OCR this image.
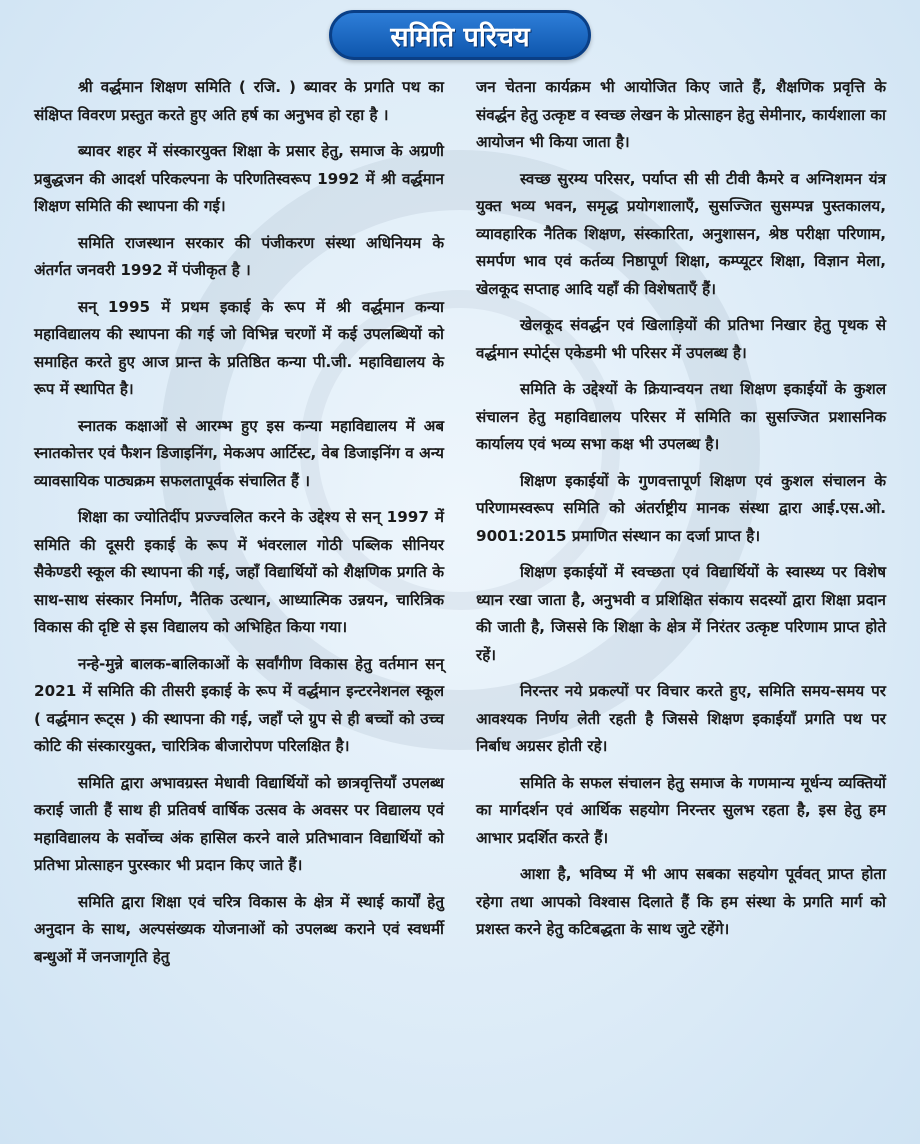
समिति परिचय

श्री वर्द्धमान शिक्षण समिति ( रजि. ) ब्यावर के प्रगति पथ का संक्षिप्त विवरण प्रस्तुत करते हुए अति हर्ष का अनुभव हो रहा है ।

ब्यावर शहर में संस्कारयुक्त शिक्षा के प्रसार हेतु, समाज के अग्रणी प्रबुद्धजन की आदर्श परिकल्पना के परिणतिस्वरूप 1992 में श्री वर्द्धमान शिक्षण समिति की स्थापना की गई।

समिति राजस्थान सरकार की पंजीकरण संस्था अधिनियम के अंतर्गत जनवरी 1992 में पंजीकृत है ।

सन् 1995 में प्रथम इकाई के रूप में श्री वर्द्धमान कन्या महाविद्यालय की स्थापना की गई जो विभिन्न चरणों में कई उपलब्धियों को समाहित करते हुए आज प्रान्त के प्रतिष्ठित कन्या पी.जी. महाविद्यालय के रूप में स्थापित है।

स्नातक कक्षाओं से आरम्भ हुए इस कन्या महाविद्यालय में अब स्नातकोत्तर एवं फैशन डिजाइनिंग, मेकअप आर्टिस्ट, वेब डिजाइनिंग व अन्य व्यावसायिक पाठ्यक्रम सफलतापूर्वक संचालित हैं ।

शिक्षा का ज्योतिर्दीप प्रज्ज्वलित करने के उद्देश्य से सन् 1997 में समिति की दूसरी इकाई के रूप में भंवरलाल गोठी पब्लिक सीनियर सैकेण्डरी स्कूल की स्थापना की गई, जहाँ विद्यार्थियों को शैक्षणिक प्रगति के साथ-साथ संस्कार निर्माण, नैतिक उत्थान, आध्यात्मिक उन्नयन, चारित्रिक विकास की दृष्टि से इस विद्यालय को अभिहित किया गया।

नन्हे-मुन्ने बालक-बालिकाओं के सर्वांगीण विकास हेतु वर्तमान सन् 2021 में समिति की तीसरी इकाई के रूप में वर्द्धमान इन्टरनेशनल स्कूल ( वर्द्धमान रूट्स ) की स्थापना की गई, जहाँ प्ले ग्रुप से ही बच्चों को उच्च कोटि की संस्कारयुक्त, चारित्रिक बीजारोपण परिलक्षित है।

समिति द्वारा अभावग्रस्त मेधावी विद्यार्थियों को छात्रवृत्तियाँ उपलब्ध कराई जाती हैं साथ ही प्रतिवर्ष वार्षिक उत्सव के अवसर पर विद्यालय एवं महाविद्यालय के सर्वोच्च अंक हासिल करने वाले प्रतिभावान विद्यार्थियों को प्रतिभा प्रोत्साहन पुरस्कार भी प्रदान किए जाते हैं।

समिति द्वारा शिक्षा एवं चरित्र विकास के क्षेत्र में स्थाई कार्यों हेतु अनुदान के साथ, अल्पसंख्यक योजनाओं को उपलब्ध कराने एवं स्वधर्मी बन्धुओं में जनजागृति हेतु

जन चेतना कार्यक्रम भी आयोजित किए जाते हैं, शैक्षणिक प्रवृत्ति के संवर्द्धन हेतु उत्कृष्ट व स्वच्छ लेखन के प्रोत्साहन हेतु सेमीनार, कार्यशाला का आयोजन भी किया जाता है।

स्वच्छ सुरम्य परिसर, पर्याप्त सी सी टीवी कैमरे व अग्निशमन यंत्र युक्त भव्य भवन, समृद्ध प्रयोगशालाएँ, सुसज्जित सुसम्पन्न पुस्तकालय, व्यावहारिक नैतिक शिक्षण, संस्कारिता, अनुशासन, श्रेष्ठ परीक्षा परिणाम, समर्पण भाव एवं कर्तव्य निष्ठापूर्ण शिक्षा, कम्प्यूटर शिक्षा, विज्ञान मेला, खेलकूद सप्ताह आदि यहाँ की विशेषताएँ हैं।

खेलकूद संवर्द्धन एवं खिलाड़ियों की प्रतिभा निखार हेतु पृथक से वर्द्धमान स्पोर्ट्स एकेडमी भी परिसर में उपलब्ध है।

समिति के उद्देश्यों के क्रियान्वयन तथा शिक्षण इकाईयों के कुशल संचालन हेतु महाविद्यालय परिसर में समिति का सुसज्जित प्रशासनिक कार्यालय एवं भव्य सभा कक्ष भी उपलब्ध है।

शिक्षण इकाईयों के गुणवत्तापूर्ण शिक्षण एवं कुशल संचालन के परिणामस्वरूप समिति को अंतर्राष्ट्रीय मानक संस्था द्वारा आई.एस.ओ. 9001:2015 प्रमाणित संस्थान का दर्जा प्राप्त है।

शिक्षण इकाईयों में स्वच्छता एवं विद्यार्थियों के स्वास्थ्य पर विशेष ध्यान रखा जाता है, अनुभवी व प्रशिक्षित संकाय सदस्यों द्वारा शिक्षा प्रदान की जाती है, जिससे कि शिक्षा के क्षेत्र में निरंतर उत्कृष्ट परिणाम प्राप्त होते रहें।

निरन्तर नये प्रकल्पों पर विचार करते हुए, समिति समय-समय पर आवश्यक निर्णय लेती रहती है जिससे शिक्षण इकाईयाँ प्रगति पथ पर निर्बाध अग्रसर होती रहे।

समिति के सफल संचालन हेतु समाज के गणमान्य मूर्धन्य व्यक्तियों का मार्गदर्शन एवं आर्थिक सहयोग निरन्तर सुलभ रहता है, इस हेतु हम आभार प्रदर्शित करते हैं।

आशा है, भविष्य में भी आप सबका सहयोग पूर्ववत् प्राप्त होता रहेगा तथा आपको विश्वास दिलाते हैं कि हम संस्था के प्रगति मार्ग को प्रशस्त करने हेतु कटिबद्धता के साथ जुटे रहेंगे।
